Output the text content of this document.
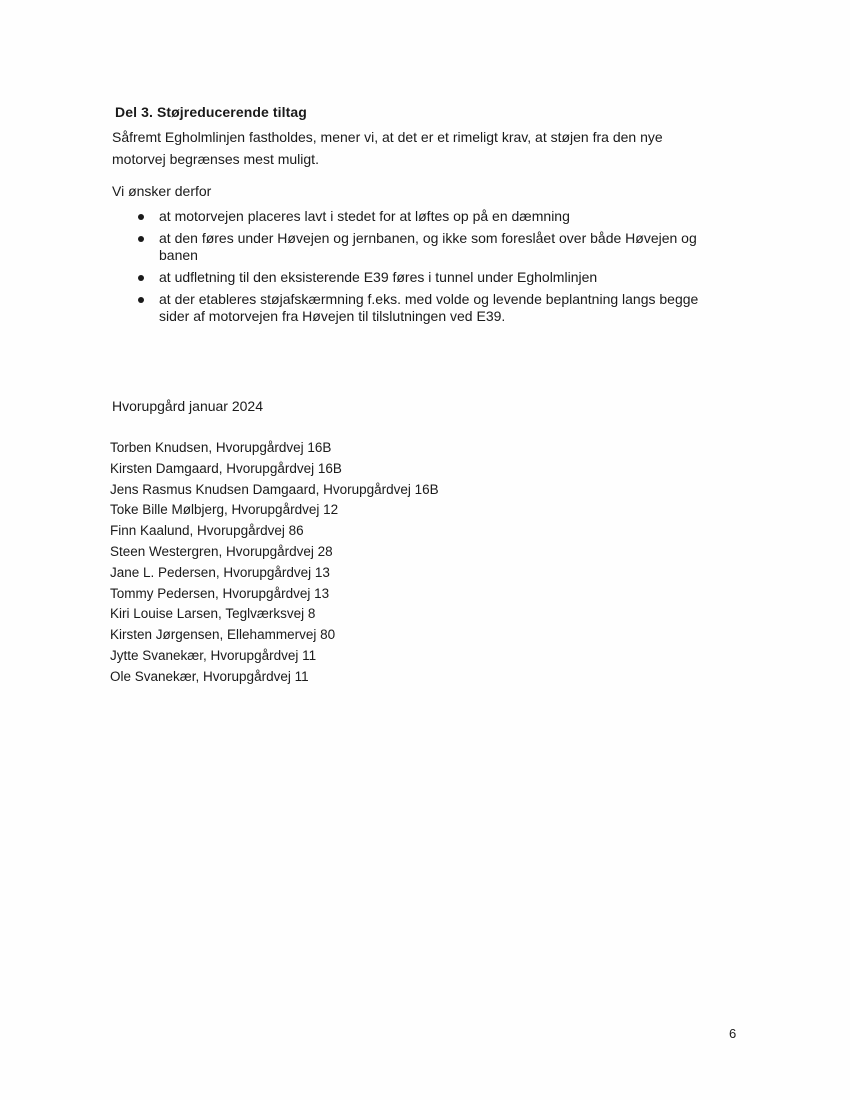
Del 3. Støjreducerende tiltag
Såfremt Egholmlinjen fastholdes, mener vi, at det er et rimeligt krav, at støjen fra den nye motorvej begrænses mest muligt.
Vi ønsker derfor
at motorvejen placeres lavt i stedet for at løftes op på en dæmning
at den føres under Høvejen og jernbanen, og ikke som foreslået over både Høvejen og banen
at udfletning til den eksisterende E39 føres i tunnel under Egholmlinjen
at der etableres støjafskærmning f.eks. med volde og levende beplantning langs begge sider af motorvejen fra Høvejen til tilslutningen ved E39.
Hvorupgård januar 2024
Torben Knudsen, Hvorupgårdvej 16B
Kirsten Damgaard, Hvorupgårdvej 16B
Jens Rasmus Knudsen Damgaard, Hvorupgårdvej 16B
Toke Bille Mølbjerg, Hvorupgårdvej 12
Finn Kaalund, Hvorupgårdvej 86
Steen Westergren, Hvorupgårdvej 28
Jane L. Pedersen, Hvorupgårdvej 13
Tommy Pedersen, Hvorupgårdvej 13
Kiri Louise Larsen, Teglværksvej 8
Kirsten Jørgensen, Ellehammervej 80
Jytte Svanekær, Hvorupgårdvej 11
Ole Svanekær, Hvorupgårdvej 11
6
